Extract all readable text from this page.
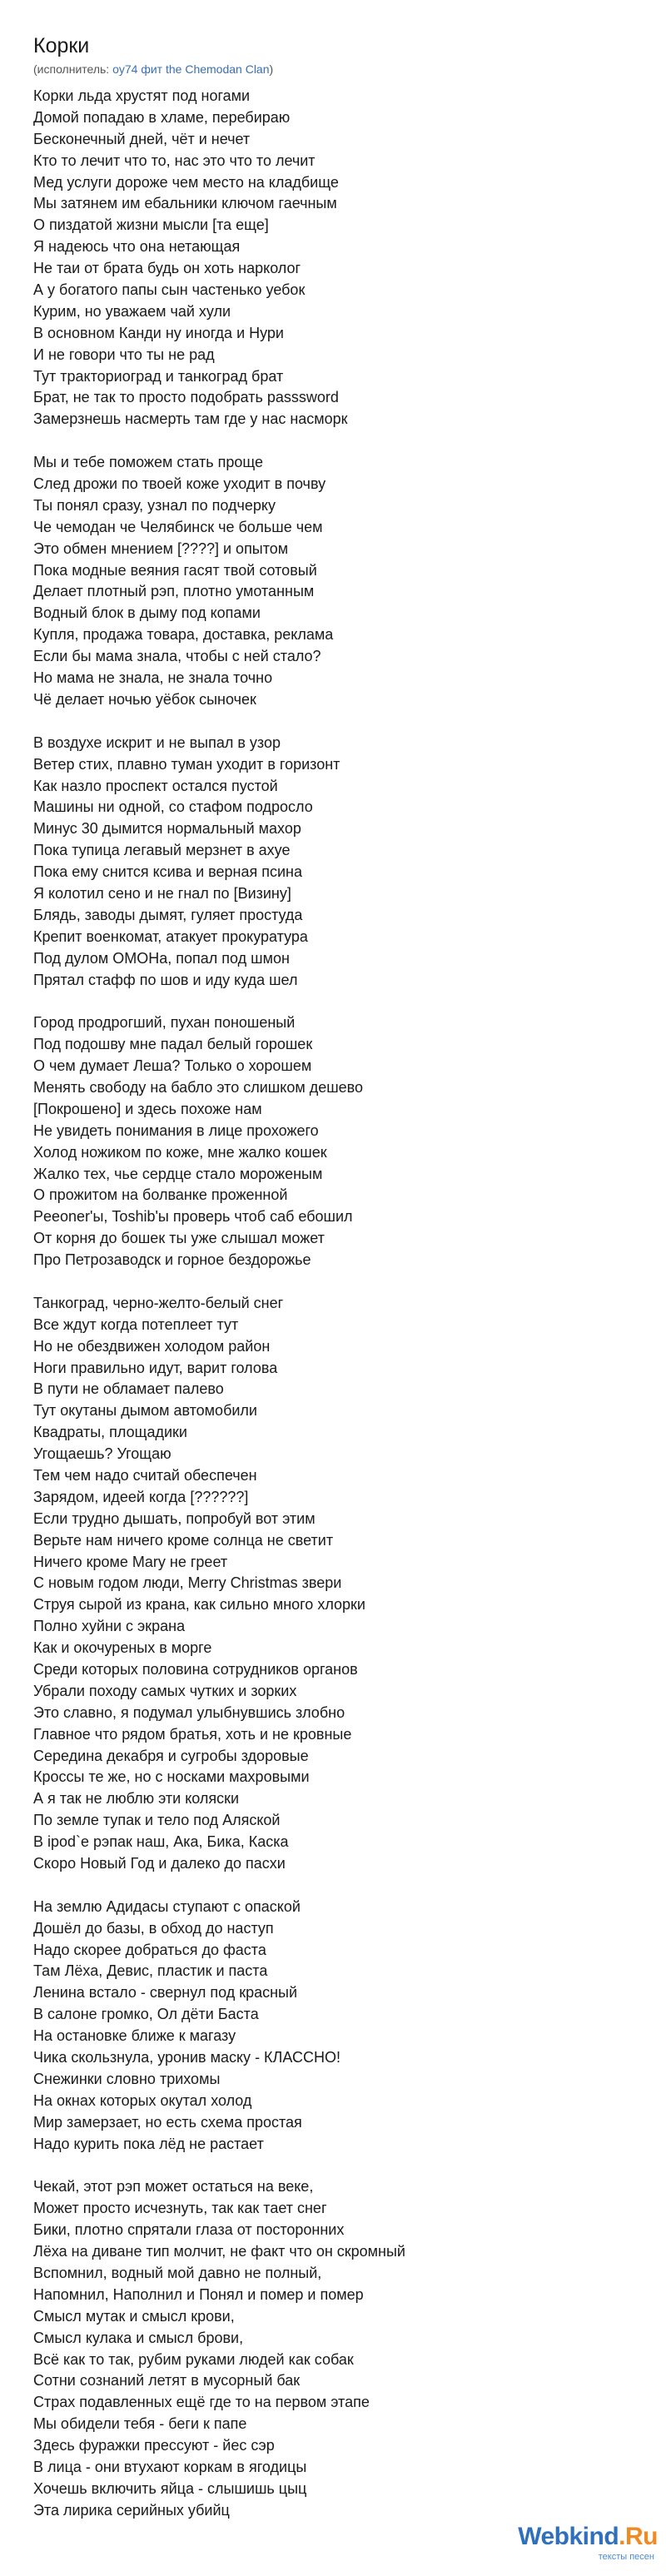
Корки
(исполнитель: oy74 фит the Chemodan Clan)
Корки льда хрустят под ногами
Домой попадаю в хламе, перебираю
Бесконечный дней, чёт и нечет
Кто то лечит что то, нас это что то лечит
Мед услуги дороже чем место на кладбище
Мы затянем им ебальники ключом гаечным
О пиздатой жизни мысли [та еще]
Я надеюсь что она нетающая
Не таи от брата будь он хоть нарколог
А у богатого папы сын частенько уебок
Курим, но уважаем чай хули
В основном Канди ну иногда и Нури
И не говори что ты не рад
Тут тракториоград и танкоград брат
Брат, не так то просто подобрать passsword
Замерзнешь насмерть там где у нас насморк
Мы и тебе поможем стать проще
След дрожи по твоей коже уходит в почву
Ты понял сразу, узнал по подчерку
Че чемодан че Челябинск че больше чем
Это обмен мнением [????] и опытом
Пока модные веяния гасят твой сотовый
Делает плотный рэп, плотно умотанным
Водный блок в дыму под копами
Купля, продажа товара, доставка, реклама
Если бы мама знала, чтобы с ней стало?
Но мама не знала, не знала точно
Чё делает ночью уёбок сыночек
В воздухе искрит и не выпал в узор
Ветер стих, плавно туман уходит в горизонт
Как назло проспект остался пустой
Машины ни одной, со стафом подросло
Минус 30 дымится нормальный махор
Пока тупица легавый мерзнет в ахуе
Пока ему снится ксива и верная псина
Я колотил сено и не гнал по [Визину]
Блядь, заводы дымят, гуляет простуда
Крепит военкомат, атакует прокуратура
Под дулом ОМОНа, попал под шмон
Прятал стафф по шов и иду куда шел
Город продрогший, пухан поношеный
Под подошву мне падал белый горошек
О чем думает Леша? Только о хорошем
Менять свободу на бабло это слишком дешево
[Покрошено] и здесь похоже нам
Не увидеть понимания в лице прохожего
Холод ножиком по коже, мне жалко кошек
Жалко тех, чье сердце стало мороженым
О прожитом на болванке проженной
Peeoner'ы, Toshib'ы проверь чтоб саб ебошил
От корня до бошек ты уже слышал может
Про Петрозаводск и горное бездорожье
Танкоград, черно-желто-белый снег
Все ждут когда потеплеет тут
Но не обездвижен холодом район
Ноги правильно идут, варит голова
В пути не обламает палево
Тут окутаны дымом автомобили
Квадраты, площадики
Угощаешь? Угощаю
Тем чем надо считай обеспечен
Зарядом, идеей когда [??????]
Если трудно дышать, попробуй вот этим
Верьте нам ничего кроме солнца не светит
Ничего кроме Mary не греет
С новым годом люди, Merry Christmas звери
Струя сырой из крана, как сильно много хлорки
Полно хуйни с экрана
Как и окочуреных в морге
Среди которых половина сотрудников органов
Убрали походу самых чутких и зорких
Это славно, я подумал улыбнувшись злобно
Главное что рядом братья, хоть и не кровные
Середина декабря и сугробы здоровые
Кроссы те же, но с носками махровыми
А я так не люблю эти коляски
По земле тупак и тело под Аляской
В ipod`е рэпак наш, Ака, Бика, Каска
Скоро Новый Год и далеко до пасхи
На землю Адидасы ступают с опаской
Дошёл до базы, в обход до наступ
Надо скорее добраться до фаста
Там Лёха, Девис, пластик и паста
Ленина встало - свернул под красный
В салоне громко, Ол дёти Баста
На остановке ближе к магазу
Чика скользнула, уронив маску - КЛАССНО!
Снежинки словно трихомы
На окнах которых окутал холод
Мир замерзает, но есть схема простая
Надо курить пока лёд не растает
Чекай, этот рэп может остаться на веке,
Может просто исчезнуть, так как тает снег
Бики, плотно спрятали глаза от посторонних
Лёха на диване тип молчит, не факт что он скромный
Вспомнил, водный мой давно не полный,
Напомнил, Наполнил и Понял и помер и помер
Смысл мутак и смысл крови,
Смысл кулака и смысл брови,
Всё как то так, рубим руками людей как собак
Сотни сознаний летят в мусорный бак
Страх подавленных ещё где то на первом этапе
Мы обидели тебя - беги к папе
Здесь фуражки прессуют - йес сэр
В лица - они втухают коркам в ягодицы
Хочешь включить яйца - слышишь цыц
Эта лирика серийных убийц
Webkind.Ru
тексты песен
